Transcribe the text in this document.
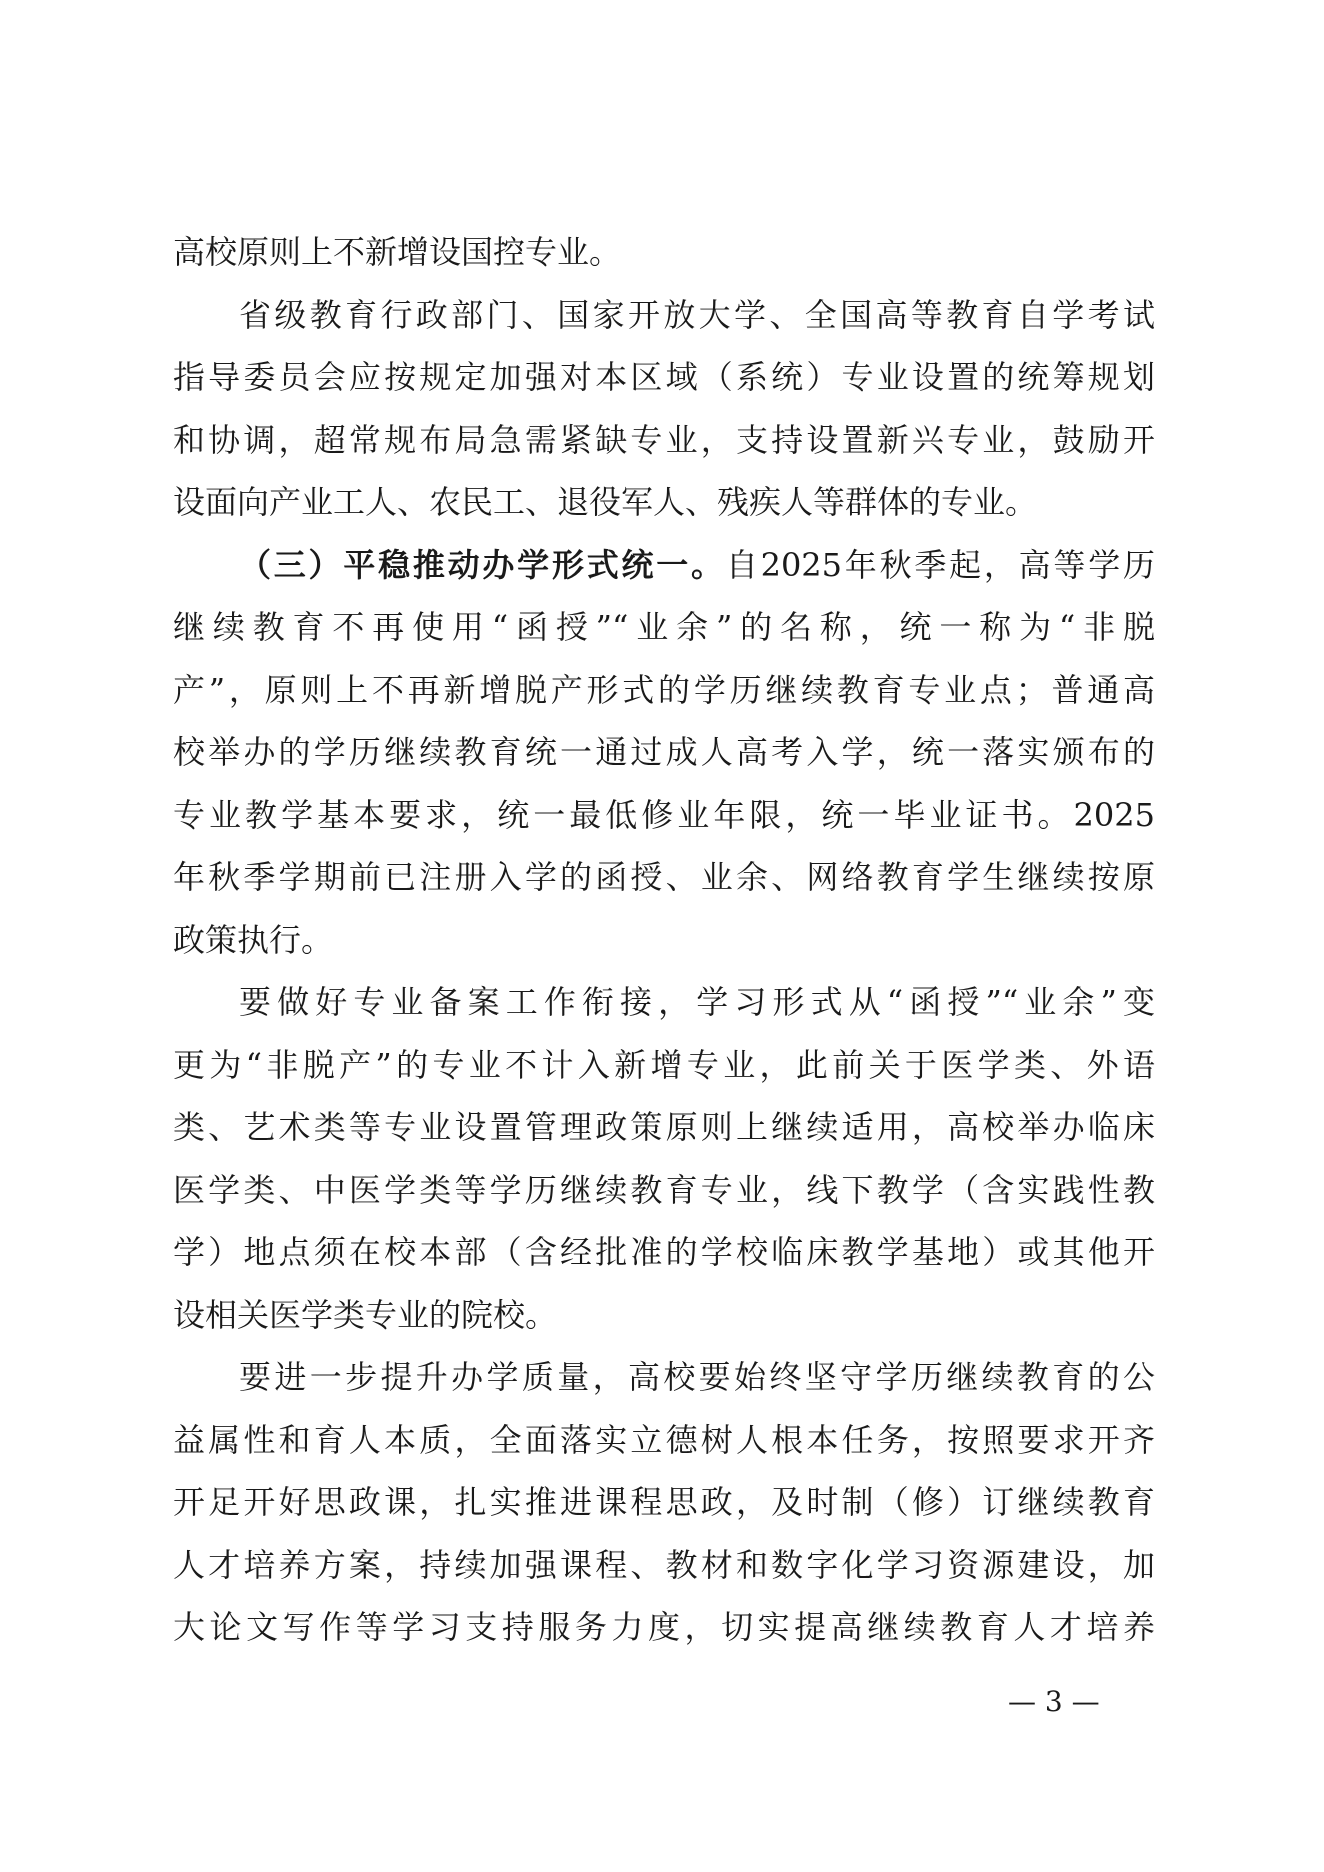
高校原则上不新增设国控专业。
省级教育行政部门、国家开放大学、全国高等教育自学考试
指导委员会应按规定加强对本区域（系统）专业设置的统筹规划
和协调，超常规布局急需紧缺专业，支持设置新兴专业，鼓励开
设面向产业工人、农民工、退役军人、残疾人等群体的专业。
（三）平稳推动办学形式统一。自2025年秋季起，高等学历
继续教育不再使用“函授”“业余”的名称，统一称为“非脱
产”，原则上不再新增脱产形式的学历继续教育专业点；普通高
校举办的学历继续教育统一通过成人高考入学，统一落实颁布的
专业教学基本要求，统一最低修业年限，统一毕业证书。2025
年秋季学期前已注册入学的函授、业余、网络教育学生继续按原
政策执行。
要做好专业备案工作衔接，学习形式从“函授”“业余”变
更为“非脱产”的专业不计入新增专业，此前关于医学类、外语
类、艺术类等专业设置管理政策原则上继续适用，高校举办临床
医学类、中医学类等学历继续教育专业，线下教学（含实践性教
学）地点须在校本部（含经批准的学校临床教学基地）或其他开
设相关医学类专业的院校。
要进一步提升办学质量，高校要始终坚守学历继续教育的公
益属性和育人本质，全面落实立德树人根本任务，按照要求开齐
开足开好思政课，扎实推进课程思政，及时制（修）订继续教育
人才培养方案，持续加强课程、教材和数字化学习资源建设，加
大论文写作等学习支持服务力度，切实提高继续教育人才培养
— 3 —
